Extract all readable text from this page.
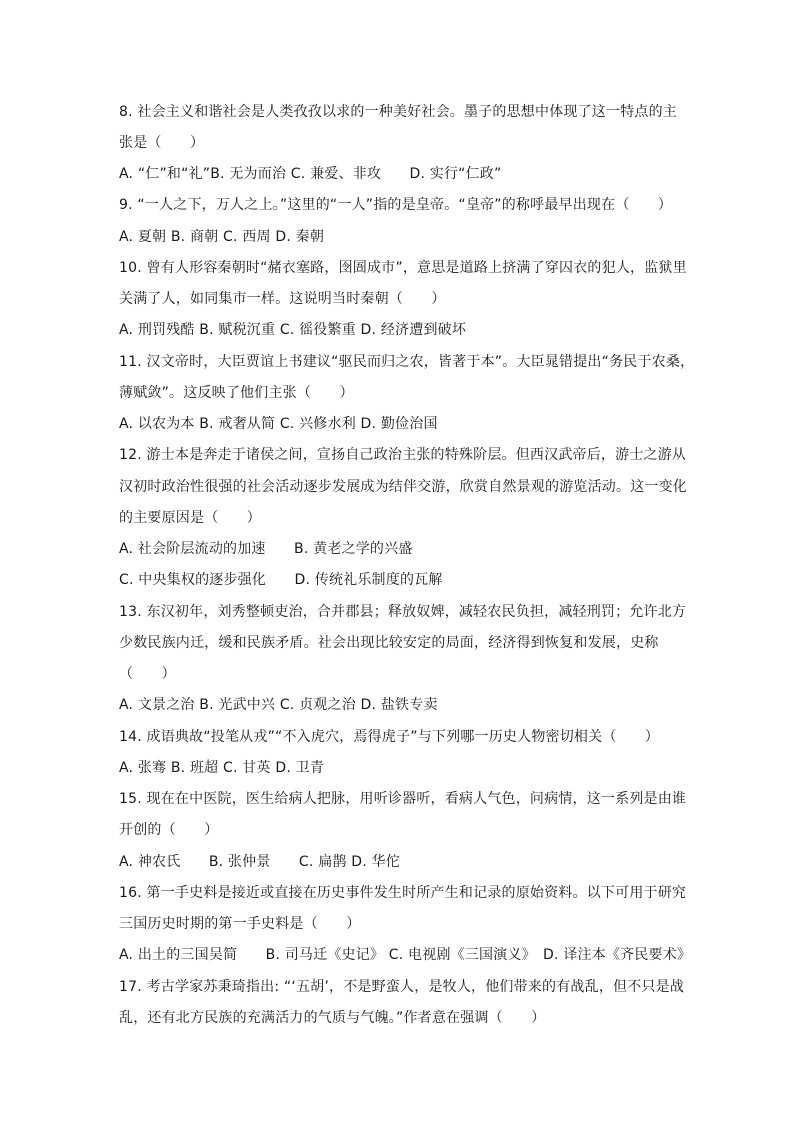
8. 社会主义和谐社会是人类孜孜以求的一种美好社会。墨子的思想中体现了这一特点的主
张是（　　）
A. “仁”和“礼”B. 无为而治 C. 兼爱、非攻　　D. 实行“仁政”
9. “一人之下，万人之上。”这里的“一人”指的是皇帝。“皇帝”的称呼最早出现在（　　）
A. 夏朝 B. 商朝 C. 西周 D. 秦朝
10. 曾有人形容秦朝时“赭衣塞路，囹圄成市”，意思是道路上挤满了穿囚衣的犯人，监狱里
关满了人，如同集市一样。这说明当时秦朝（　　）
A. 刑罚残酷 B. 赋税沉重 C. 徭役繁重 D. 经济遭到破坏
11. 汉文帝时，大臣贾谊上书建议“驱民而归之农，皆著于本”。大臣晁错提出“务民于农桑，
薄赋敛”。这反映了他们主张（　　）
A. 以农为本 B. 戒奢从简 C. 兴修水利 D. 勤俭治国
12. 游士本是奔走于诸侯之间，宣扬自己政治主张的特殊阶层。但西汉武帝后，游士之游从
汉初时政治性很强的社会活动逐步发展成为结伴交游，欣赏自然景观的游览活动。这一变化
的主要原因是（　　）
A. 社会阶层流动的加速　　B. 黄老之学的兴盛
C. 中央集权的逐步强化　　D. 传统礼乐制度的瓦解
13. 东汉初年，刘秀整顿吏治，合并郡县；释放奴婢，减轻农民负担，减轻刑罚；允许北方
少数民族内迁，缓和民族矛盾。社会出现比较安定的局面，经济得到恢复和发展，史称
（　　）
A. 文景之治 B. 光武中兴 C. 贞观之治 D. 盐铁专卖
14. 成语典故“投笔从戎”“不入虎穴，焉得虎子”与下列哪一历史人物密切相关（　　）
A. 张骞 B. 班超 C. 甘英 D. 卫青
15. 现在在中医院，医生给病人把脉，用听诊器听，看病人气色，问病情，这一系列是由谁
开创的（　　）
A. 神农氏　　B. 张仲景　　C. 扁鹊 D. 华佗
16. 第一手史料是接近或直接在历史事件发生时所产生和记录的原始资料。以下可用于研究
三国历史时期的第一手史料是（　　）
A. 出土的三国吴简　　B. 司马迁《史记》 C. 电视剧《三国演义》　D. 译注本《齐民要术》
17. 考古学家苏秉琦指出: “‘五胡’，不是野蛮人，是牧人，他们带来的有战乱，但不只是战
乱，还有北方民族的充满活力的气质与气魄。”作者意在强调（　　）
